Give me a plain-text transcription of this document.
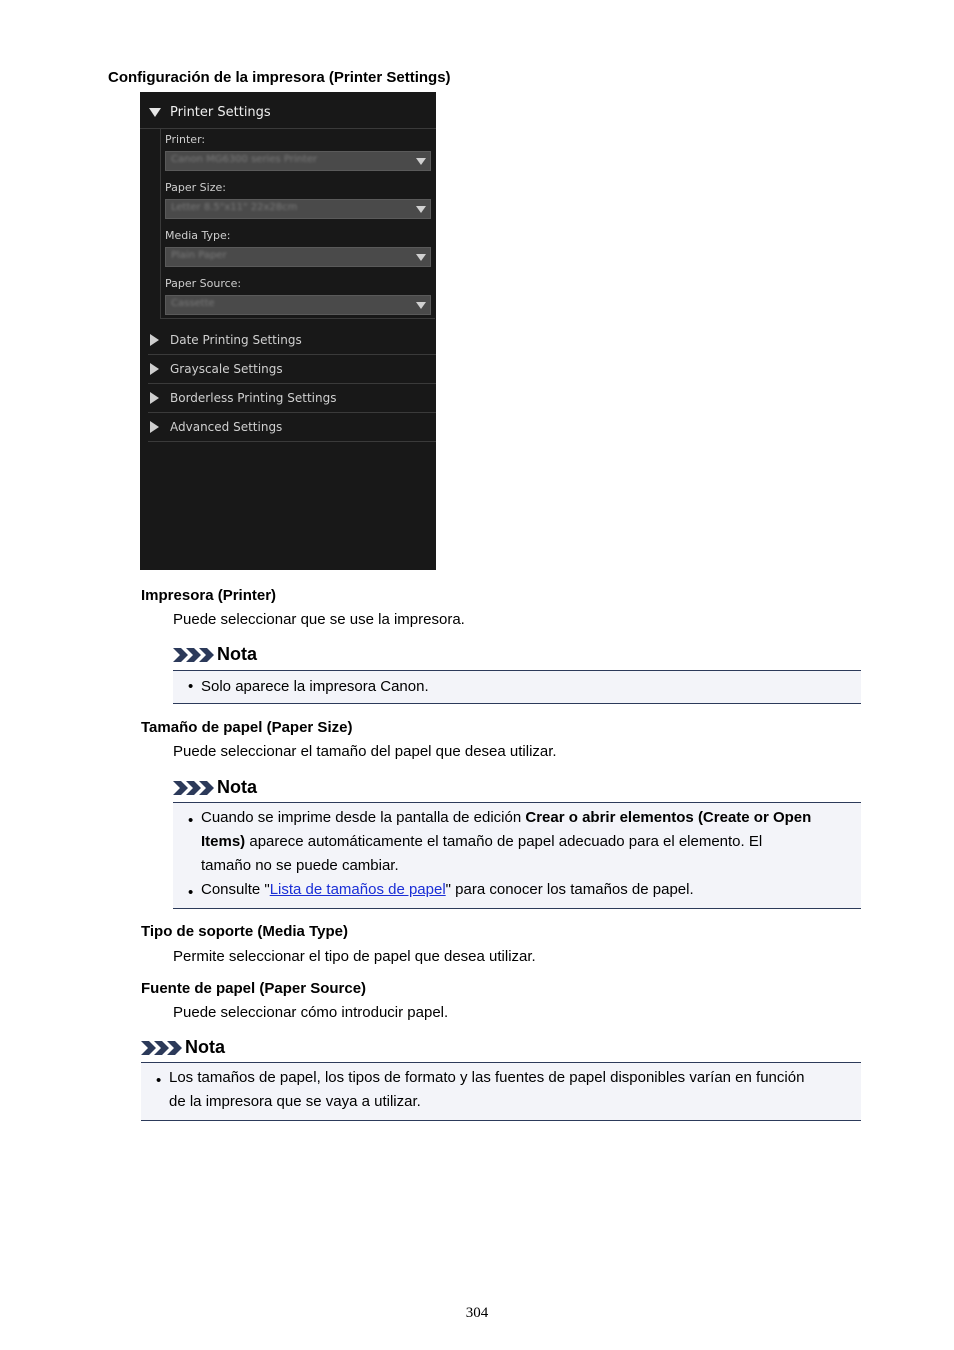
Configuración de la impresora (Printer Settings)
Printer Settings
Printer:
Canon MG6300 series Printer
Paper Size:
Letter 8.5"x11" 22x28cm
Media Type:
Plain Paper
Paper Source:
Cassette
Date Printing Settings
Grayscale Settings
Borderless Printing Settings
Advanced Settings
Impresora (Printer)
Puede seleccionar que se use la impresora.
Nota
• Solo aparece la impresora Canon.
Tamaño de papel (Paper Size)
Puede seleccionar el tamaño del papel que desea utilizar.
Nota
• Cuando se imprime desde la pantalla de edición Crear o abrir elementos (Create or Open
Items) aparece automáticamente el tamaño de papel adecuado para el elemento. El
tamaño no se puede cambiar.
• Consulte "Lista de tamaños de papel" para conocer los tamaños de papel.
Tipo de soporte (Media Type)
Permite seleccionar el tipo de papel que desea utilizar.
Fuente de papel (Paper Source)
Puede seleccionar cómo introducir papel.
Nota
• Los tamaños de papel, los tipos de formato y las fuentes de papel disponibles varían en función
de la impresora que se vaya a utilizar.
304
